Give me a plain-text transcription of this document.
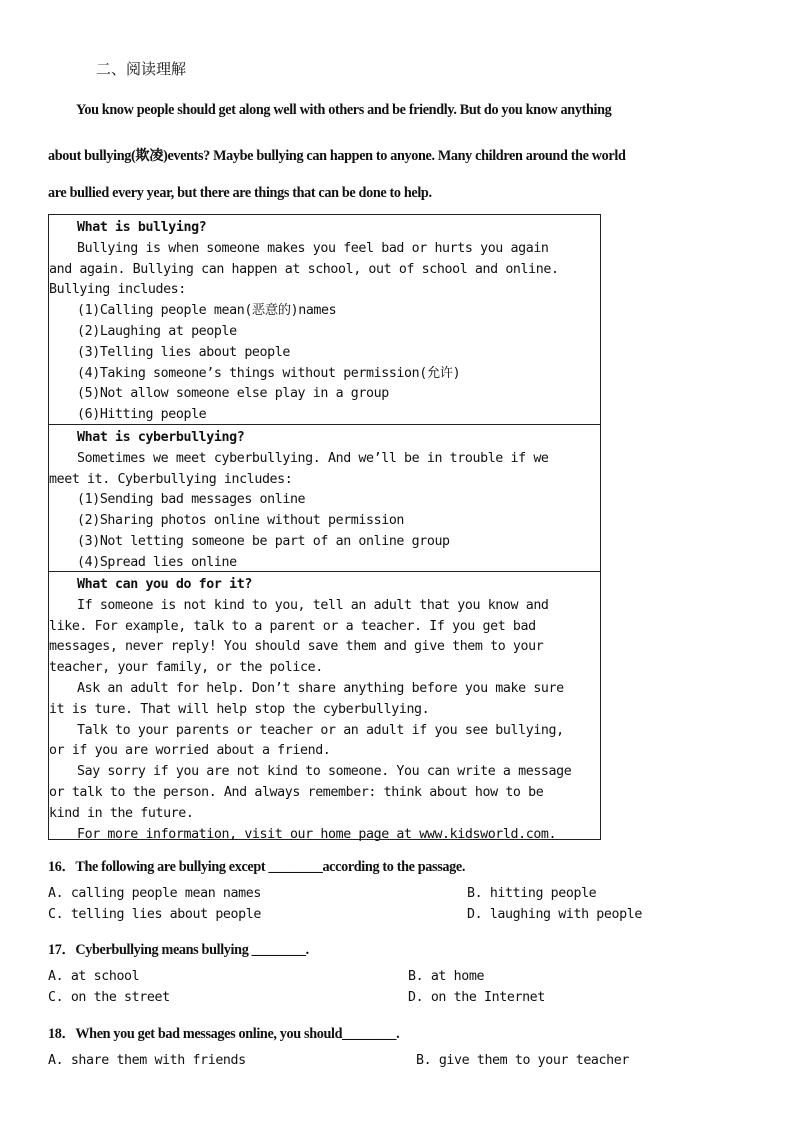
二、阅读理解
You know people should get along well with others and be friendly. But do you know anything
about bullying(欺凌)events? Maybe bullying can happen to anyone. Many children around the world
are bullied every year, but there are things that can be done to help.
What is bullying?
Bullying is when someone makes you feel bad or hurts you again
and again. Bullying can happen at school, out of school and online.
Bullying includes:
(1)Calling people mean(恶意的)names
(2)Laughing at people
(3)Telling lies about people
(4)Taking someone’s things without permission(允许)
(5)Not allow someone else play in a group
(6)Hitting people
What is cyberbullying?
Sometimes we meet cyberbullying. And we’ll be in trouble if we
meet it. Cyberbullying includes:
(1)Sending bad messages online
(2)Sharing photos online without permission
(3)Not letting someone be part of an online group
(4)Spread lies online
What can you do for it?
If someone is not kind to you, tell an adult that you know and
like. For example, talk to a parent or a teacher. If you get bad
messages, never reply! You should save them and give them to your
teacher, your family, or the police.
Ask an adult for help. Don’t share anything before you make sure
it is ture. That will help stop the cyberbullying.
Talk to your parents or teacher or an adult if you see bullying,
or if you are worried about a friend.
Say sorry if you are not kind to someone. You can write a message
or talk to the person. And always remember: think about how to be
kind in the future.
For more information, visit our home page at www.kidsworld.com.
16．The following are bullying except ________according to the passage.
A. calling people mean names	B. hitting people
C. telling lies about people	D. laughing with people
17．Cyberbullying means bullying ________.
A. at school	B. at home
C. on the street	D. on the Internet
18．When you get bad messages online, you should________.
A. share them with friends	B. give them to your teacher
